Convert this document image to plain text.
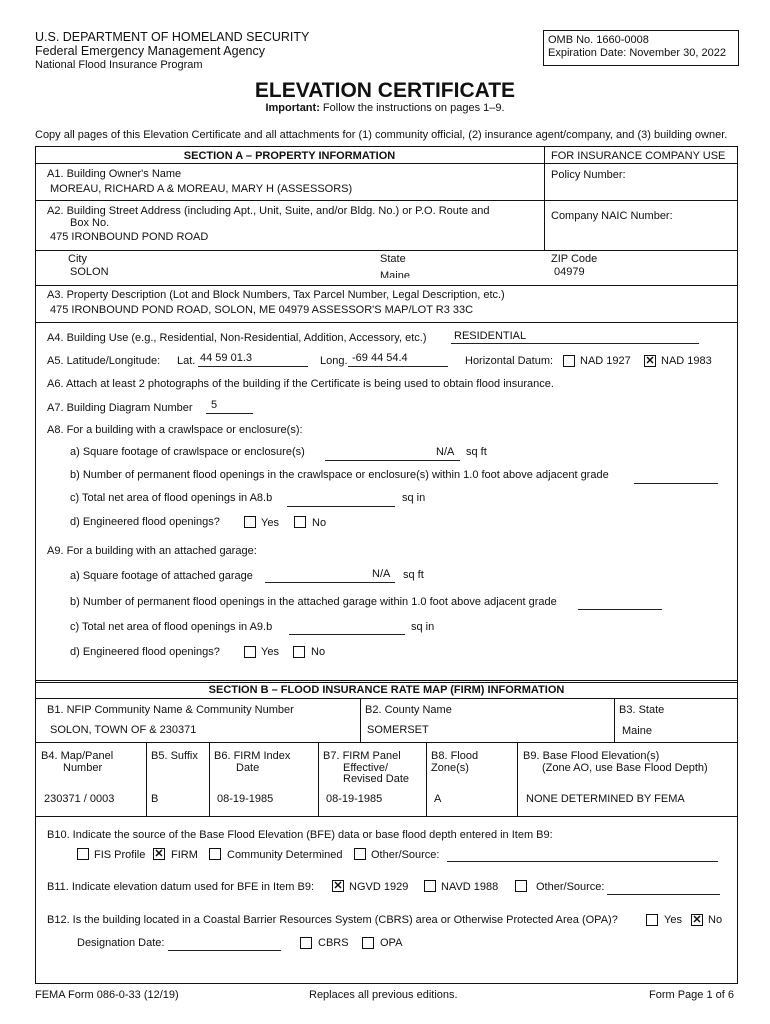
U.S. DEPARTMENT OF HOMELAND SECURITY
Federal Emergency Management Agency
National Flood Insurance Program
OMB No. 1660-0008
Expiration Date: November 30, 2022
ELEVATION CERTIFICATE
Important: Follow the instructions on pages 1–9.
Copy all pages of this Elevation Certificate and all attachments for (1) community official, (2) insurance agent/company, and (3) building owner.
SECTION A – PROPERTY INFORMATION	FOR INSURANCE COMPANY USE
A1. Building Owner's Name
MOREAU, RICHARD A & MOREAU, MARY H (ASSESSORS)
Policy Number:
A2. Building Street Address (including Apt., Unit, Suite, and/or Bldg. No.) or P.O. Route and
Box No.
475 IRONBOUND POND ROAD
Company NAIC Number:
City
SOLON
State
Maine
ZIP Code
04979
A3. Property Description (Lot and Block Numbers, Tax Parcel Number, Legal Description, etc.)
475 IRONBOUND POND ROAD, SOLON, ME 04979 ASSESSOR'S MAP/LOT R3 33C
A4. Building Use (e.g., Residential, Non-Residential, Addition, Accessory, etc.)	RESIDENTIAL
A5. Latitude/Longitude: Lat. 44 59 01.3	Long. -69 44 54.4	Horizontal Datum: NAD 1927 ✕ NAD 1983
A6. Attach at least 2 photographs of the building if the Certificate is being used to obtain flood insurance.
A7. Building Diagram Number 5
A8. For a building with a crawlspace or enclosure(s):
a) Square footage of crawlspace or enclosure(s)	N/A sq ft
b) Number of permanent flood openings in the crawlspace or enclosure(s) within 1.0 foot above adjacent grade
c) Total net area of flood openings in A8.b	sq in
d) Engineered flood openings?	Yes	No
A9. For a building with an attached garage:
a) Square footage of attached garage	N/A sq ft
b) Number of permanent flood openings in the attached garage within 1.0 foot above adjacent grade
c) Total net area of flood openings in A9.b	sq in
d) Engineered flood openings?	Yes	No
SECTION B – FLOOD INSURANCE RATE MAP (FIRM) INFORMATION
B1. NFIP Community Name & Community Number
SOLON, TOWN OF & 230371
B2. County Name
SOMERSET
B3. State
Maine
B4. Map/Panel
Number
230371 / 0003
B5. Suffix
B
B6. FIRM Index
Date
08-19-1985
B7. FIRM Panel
Effective/
Revised Date
08-19-1985
B8. Flood
Zone(s)
A
B9. Base Flood Elevation(s)
(Zone AO, use Base Flood Depth)
NONE DETERMINED BY FEMA
B10. Indicate the source of the Base Flood Elevation (BFE) data or base flood depth entered in Item B9:
FIS Profile ✕ FIRM	Community Determined	Other/Source:
B11. Indicate elevation datum used for BFE in Item B9: ✕ NGVD 1929	NAVD 1988	Other/Source:
B12. Is the building located in a Coastal Barrier Resources System (CBRS) area or Otherwise Protected Area (OPA)?	Yes ✕ No
Designation Date:	CBRS	OPA
FEMA Form 086-0-33 (12/19)	Replaces all previous editions.	Form Page 1 of 6
